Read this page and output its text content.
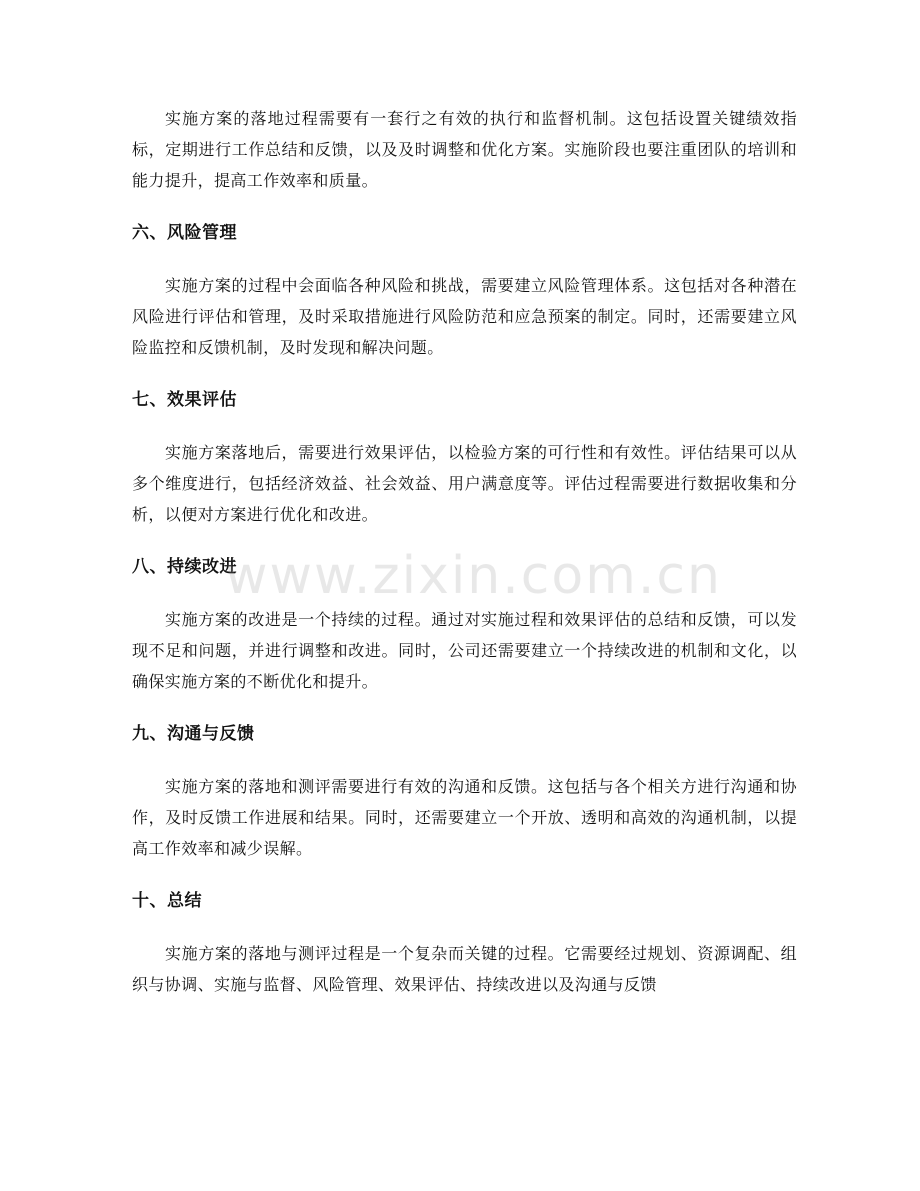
实施方案的落地过程需要有一套行之有效的执行和监督机制。这包括设置关键绩效指标，定期进行工作总结和反馈，以及及时调整和优化方案。实施阶段也要注重团队的培训和能力提升，提高工作效率和质量。

六、风险管理

实施方案的过程中会面临各种风险和挑战，需要建立风险管理体系。这包括对各种潜在风险进行评估和管理，及时采取措施进行风险防范和应急预案的制定。同时，还需要建立风险监控和反馈机制，及时发现和解决问题。

七、效果评估

实施方案落地后，需要进行效果评估，以检验方案的可行性和有效性。评估结果可以从多个维度进行，包括经济效益、社会效益、用户满意度等。评估过程需要进行数据收集和分析，以便对方案进行优化和改进。

八、持续改进

实施方案的改进是一个持续的过程。通过对实施过程和效果评估的总结和反馈，可以发现不足和问题，并进行调整和改进。同时，公司还需要建立一个持续改进的机制和文化，以确保实施方案的不断优化和提升。

九、沟通与反馈

实施方案的落地和测评需要进行有效的沟通和反馈。这包括与各个相关方进行沟通和协作，及时反馈工作进展和结果。同时，还需要建立一个开放、透明和高效的沟通机制，以提高工作效率和减少误解。

十、总结

实施方案的落地与测评过程是一个复杂而关键的过程。它需要经过规划、资源调配、组织与协调、实施与监督、风险管理、效果评估、持续改进以及沟通与反馈

www.zixin.com.cn
